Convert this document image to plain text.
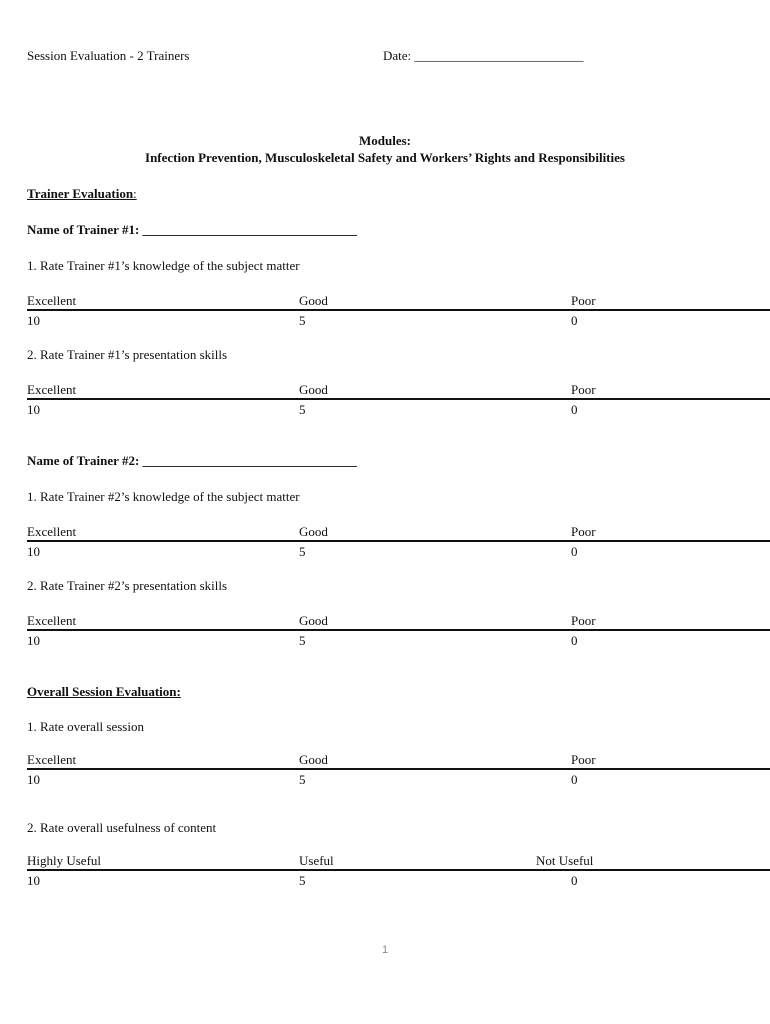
Session Evaluation - 2 Trainers	Date: __________________________
Modules:
Infection Prevention, Musculoskeletal Safety and Workers’ Rights and Responsibilities
Trainer Evaluation:
Name of Trainer #1: _________________________________
1. Rate Trainer #1’s knowledge of the subject matter
Excellent	Good	Poor
10	5	0
2. Rate Trainer #1’s presentation skills
Excellent	Good	Poor
10	5	0
Name of Trainer #2: _________________________________
1. Rate Trainer #2’s knowledge of the subject matter
Excellent	Good	Poor
10	5	0
2. Rate Trainer #2’s presentation skills
Excellent	Good	Poor
10	5	0
Overall Session Evaluation:
1. Rate overall session
Excellent	Good	Poor
10	5	0
2. Rate overall usefulness of content
Highly Useful	Useful	Not Useful
10	5	0
1
